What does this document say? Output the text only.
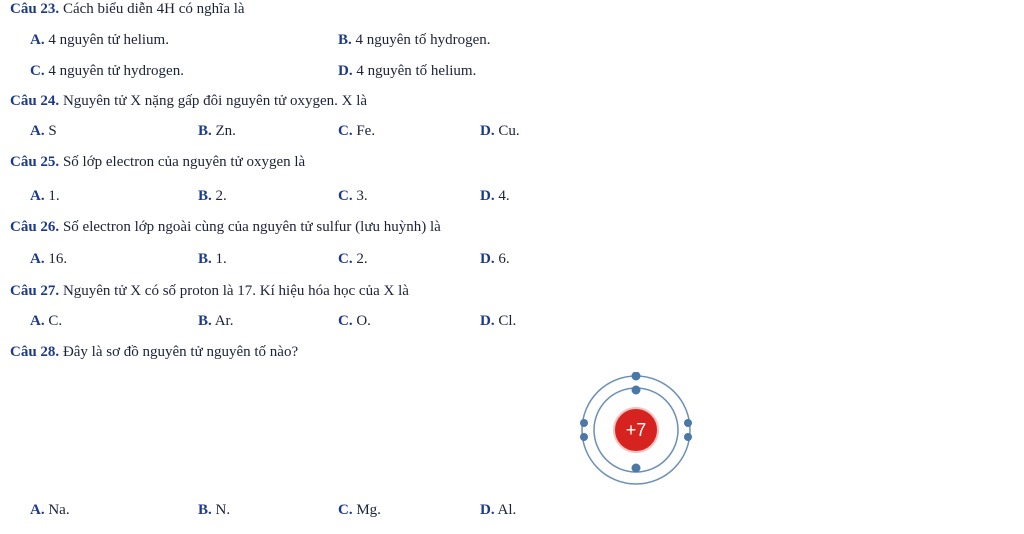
Câu 23. Cách biểu diễn 4H có nghĩa là
A. 4 nguyên tử helium.	B. 4 nguyên tố hydrogen.
C. 4 nguyên tử hydrogen.	D. 4 nguyên tố helium.
Câu 24. Nguyên tử X nặng gấp đôi nguyên tử oxygen. X là
A. S	B. Zn.	C. Fe.	D. Cu.
Câu 25. Số lớp electron của nguyên tử oxygen là
A. 1.	B. 2.	C. 3.	D. 4.
Câu 26. Số electron lớp ngoài cùng của nguyên tử sulfur (lưu huỳnh) là
A. 16.	B. 1.	C. 2.	D. 6.
Câu 27. Nguyên tử X có số proton là 17. Kí hiệu hóa học của X là
A. C.	B. Ar.	C. O.	D. Cl.
Câu 28. Đây là sơ đồ nguyên tử nguyên tố nào?
+7
A. Na.	B. N.	C. Mg.	D. Al.
